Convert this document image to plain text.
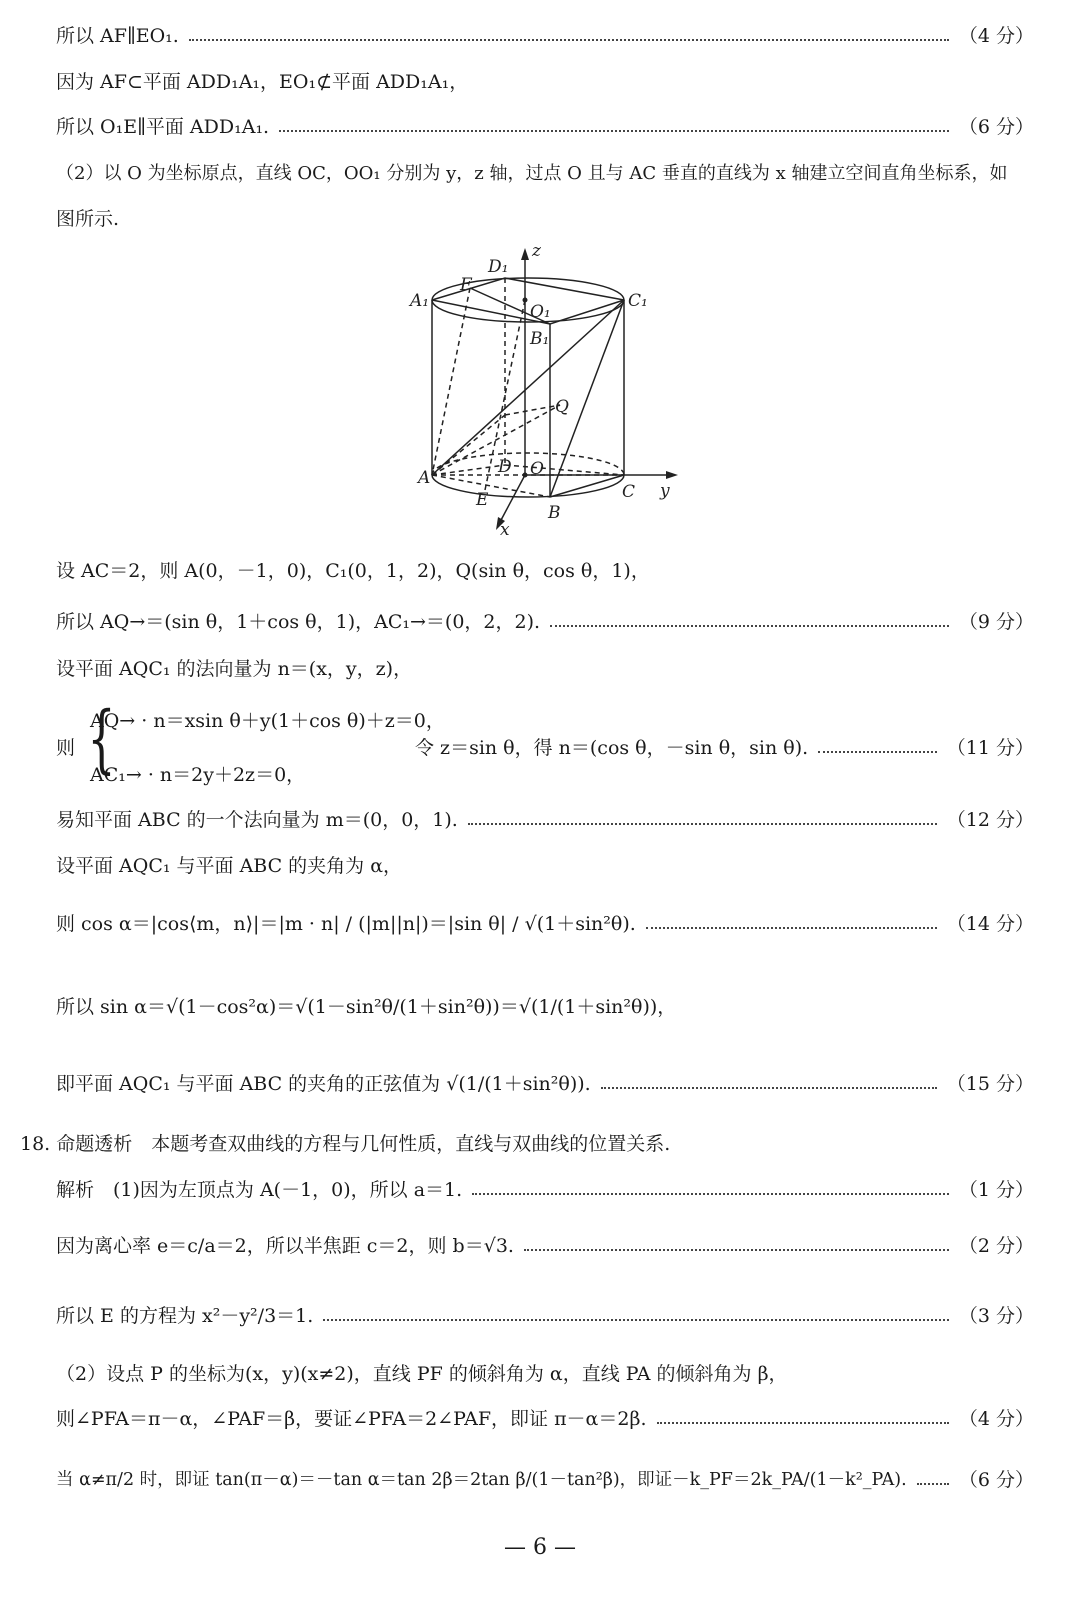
所以 AF∥EO₁.	（4 分）
因为 AF⊂平面 ADD₁A₁，EO₁⊄平面 ADD₁A₁，
所以 O₁E∥平面 ADD₁A₁.	（6 分）
（2）以 O 为坐标原点，直线 OC，OO₁ 分别为 y，z 轴，过点 O 且与 AC 垂直的直线为 x 轴建立空间直角坐标系，如
图所示.
z
y
x
D₁
F
A₁
O₁
C₁
B₁
Q
A
D O
C
E
B
设 AC＝2，则 A(0，－1，0)，C₁(0，1，2)，Q(sin θ，cos θ，1)，
所以 AQ→＝(sin θ，1＋cos θ，1)，AC₁→＝(0，2，2).	（9 分）
设平面 AQC₁ 的法向量为 n＝(x，y，z)，
{
AQ→ · n＝xsin θ＋y(1＋cos θ)＋z＝0，
则	令 z＝sin θ，得 n＝(cos θ，－sin θ，sin θ).	（11 分）
AC₁→ · n＝2y＋2z＝0，
易知平面 ABC 的一个法向量为 m＝(0，0，1).	（12 分）
设平面 AQC₁ 与平面 ABC 的夹角为 α，
则 cos α＝|cos⟨m，n⟩|＝|m · n| / (|m||n|)＝|sin θ| / √(1＋sin²θ).	（14 分）
所以 sin α＝√(1－cos²α)＝√(1－sin²θ/(1＋sin²θ))＝√(1/(1＋sin²θ))，
即平面 AQC₁ 与平面 ABC 的夹角的正弦值为 √(1/(1＋sin²θ)).	（15 分）
18. 命题透析　本题考查双曲线的方程与几何性质，直线与双曲线的位置关系.
解析　(1)因为左顶点为 A(－1，0)，所以 a＝1.	（1 分）
因为离心率 e＝c/a＝2，所以半焦距 c＝2，则 b＝√3.	（2 分）
所以 E 的方程为 x²－y²/3＝1.	（3 分）
（2）设点 P 的坐标为(x，y)(x≠2)，直线 PF 的倾斜角为 α，直线 PA 的倾斜角为 β，
则∠PFA＝π－α，∠PAF＝β，要证∠PFA＝2∠PAF，即证 π－α＝2β.	（4 分）
当 α≠π/2 时，即证 tan(π－α)＝－tan α＝tan 2β＝2tan β/(1－tan²β)，即证－k_PF＝2k_PA/(1－k²_PA).	（6 分）
— 6 —
